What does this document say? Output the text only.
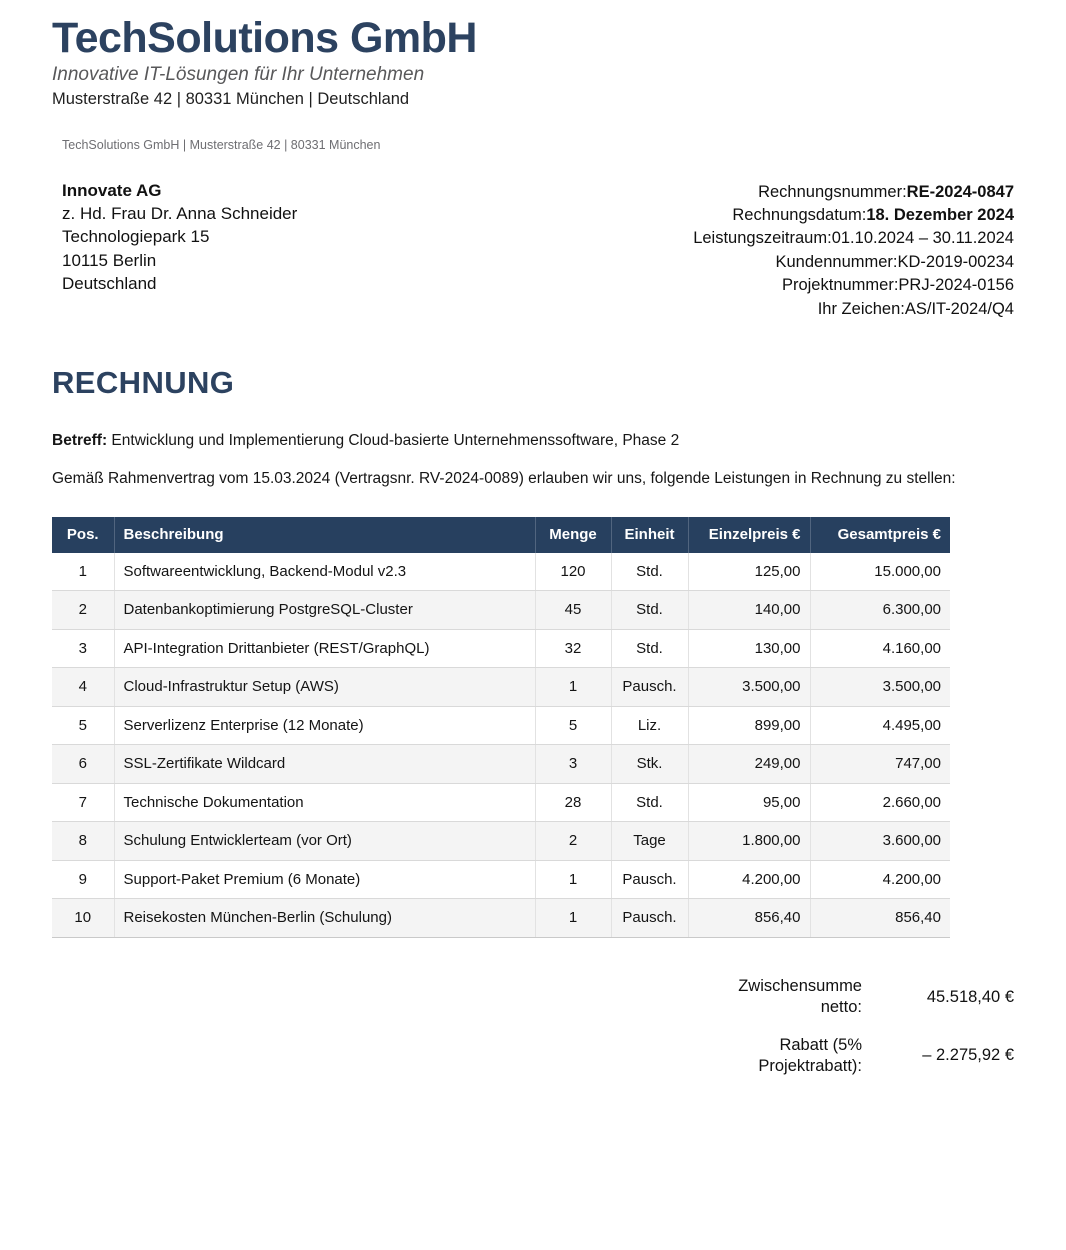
TechSolutions GmbH
Innovative IT-Lösungen für Ihr Unternehmen
Musterstraße 42 | 80331 München | Deutschland
TechSolutions GmbH | Musterstraße 42 | 80331 München
Innovate AG
z. Hd. Frau Dr. Anna Schneider
Technologiepark 15
10115 Berlin
Deutschland
Rechnungsnummer:RE-2024-0847
Rechnungsdatum:18. Dezember 2024
Leistungszeitraum:01.10.2024 – 30.11.2024
Kundennummer:KD-2019-00234
Projektnummer:PRJ-2024-0156
Ihr Zeichen:AS/IT-2024/Q4
RECHNUNG

Betreff: Entwicklung und Implementierung Cloud-basierte Unternehmenssoftware, Phase 2

Gemäß Rahmenvertrag vom 15.03.2024 (Vertragsnr. RV-2024-0089) erlauben wir uns, folgende Leistungen in Rechnung zu stellen:

Pos.	Beschreibung	Menge	Einheit	Einzelpreis €	Gesamtpreis €
1	Softwareentwicklung, Backend-Modul v2.3	120	Std.	125,00	15.000,00
2	Datenbankoptimierung PostgreSQL-Cluster	45	Std.	140,00	6.300,00
3	API-Integration Drittanbieter (REST/GraphQL)	32	Std.	130,00	4.160,00
4	Cloud-Infrastruktur Setup (AWS)	1	Pausch.	3.500,00	3.500,00
5	Serverlizenz Enterprise (12 Monate)	5	Liz.	899,00	4.495,00
6	SSL-Zertifikate Wildcard	3	Stk.	249,00	747,00
7	Technische Dokumentation	28	Std.	95,00	2.660,00
8	Schulung Entwicklerteam (vor Ort)	2	Tage	1.800,00	3.600,00
9	Support-Paket Premium (6 Monate)	1	Pausch.	4.200,00	4.200,00
10	Reisekosten München-Berlin (Schulung)	1	Pausch.	856,40	856,40
Zwischensumme netto:	45.518,40 €
Rabatt (5% Projektrabatt):	– 2.275,92 €
